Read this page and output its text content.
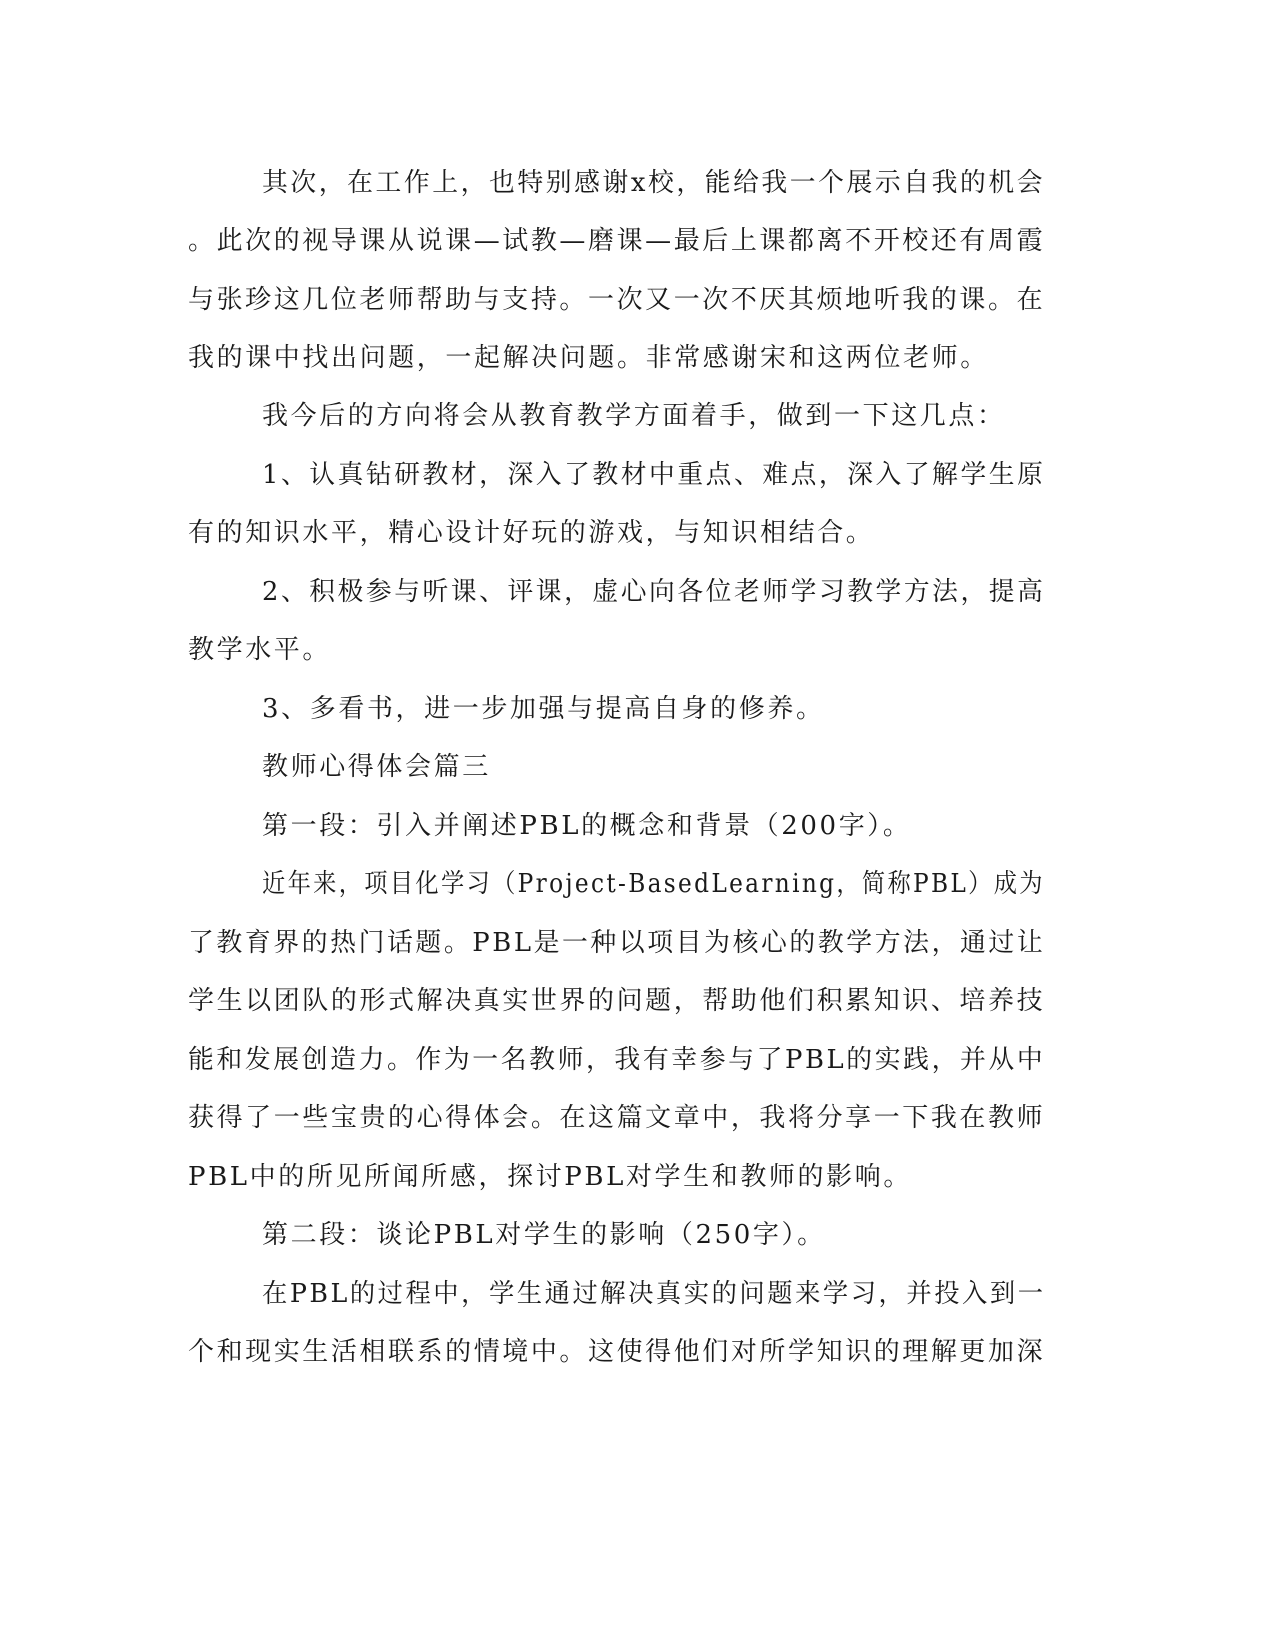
其次，在工作上，也特别感谢x校，能给我一个展示自我的机会
。此次的视导课从说课—试教—磨课—最后上课都离不开校还有周霞
与张珍这几位老师帮助与支持。一次又一次不厌其烦地听我的课。在
我的课中找出问题，一起解决问题。非常感谢宋和这两位老师。
我今后的方向将会从教育教学方面着手，做到一下这几点：
1、认真钻研教材，深入了教材中重点、难点，深入了解学生原
有的知识水平，精心设计好玩的游戏，与知识相结合。
2、积极参与听课、评课，虚心向各位老师学习教学方法，提高
教学水平。
3、多看书，进一步加强与提高自身的修养。
教师心得体会篇三
第一段：引入并阐述PBL的概念和背景（200字）。
近年来，项目化学习（Project-BasedLearning，简称PBL）成为
了教育界的热门话题。PBL是一种以项目为核心的教学方法，通过让
学生以团队的形式解决真实世界的问题，帮助他们积累知识、培养技
能和发展创造力。作为一名教师，我有幸参与了PBL的实践，并从中
获得了一些宝贵的心得体会。在这篇文章中，我将分享一下我在教师
PBL中的所见所闻所感，探讨PBL对学生和教师的影响。
第二段：谈论PBL对学生的影响（250字）。
在PBL的过程中，学生通过解决真实的问题来学习，并投入到一
个和现实生活相联系的情境中。这使得他们对所学知识的理解更加深
